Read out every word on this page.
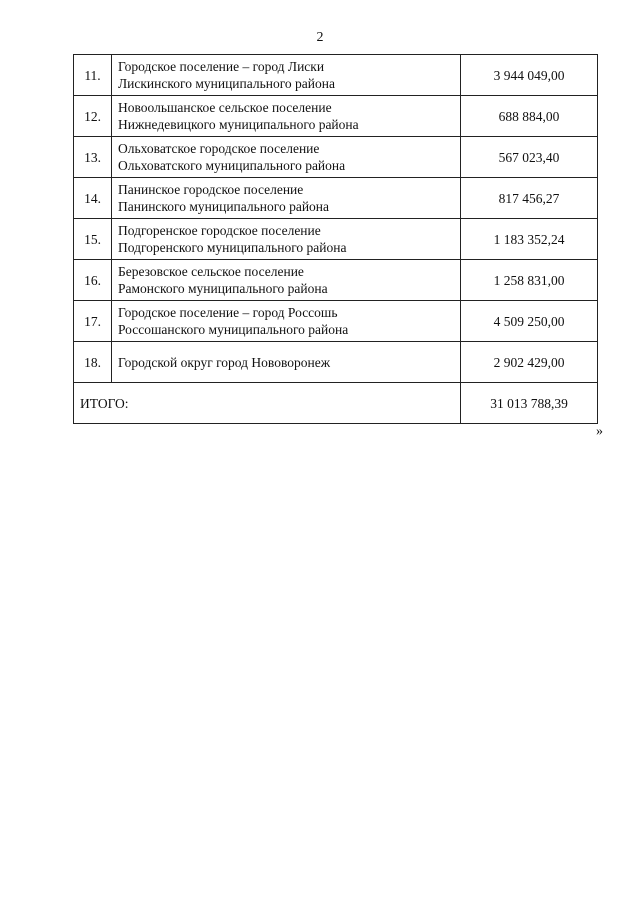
2
11.	Городское поселение – город Лиски
Лискинского муниципального района	3 944 049,00
12.	Новоольшанское сельское поселение
Нижнедевицкого муниципального района	688 884,00
13.	Ольховатское городское поселение
Ольховатского муниципального района	567 023,40
14.	Панинское городское поселение
Панинского муниципального района	817 456,27
15.	Подгоренское городское поселение
Подгоренского муниципального района	1 183 352,24
16.	Березовское сельское поселение
Рамонского муниципального района	1 258 831,00
17.	Городское поселение – город Россошь
Россошанского муниципального района	4 509 250,00
18.	Городской округ город Нововоронеж	2 902 429,00
ИТОГО:		31 013 788,39
»
